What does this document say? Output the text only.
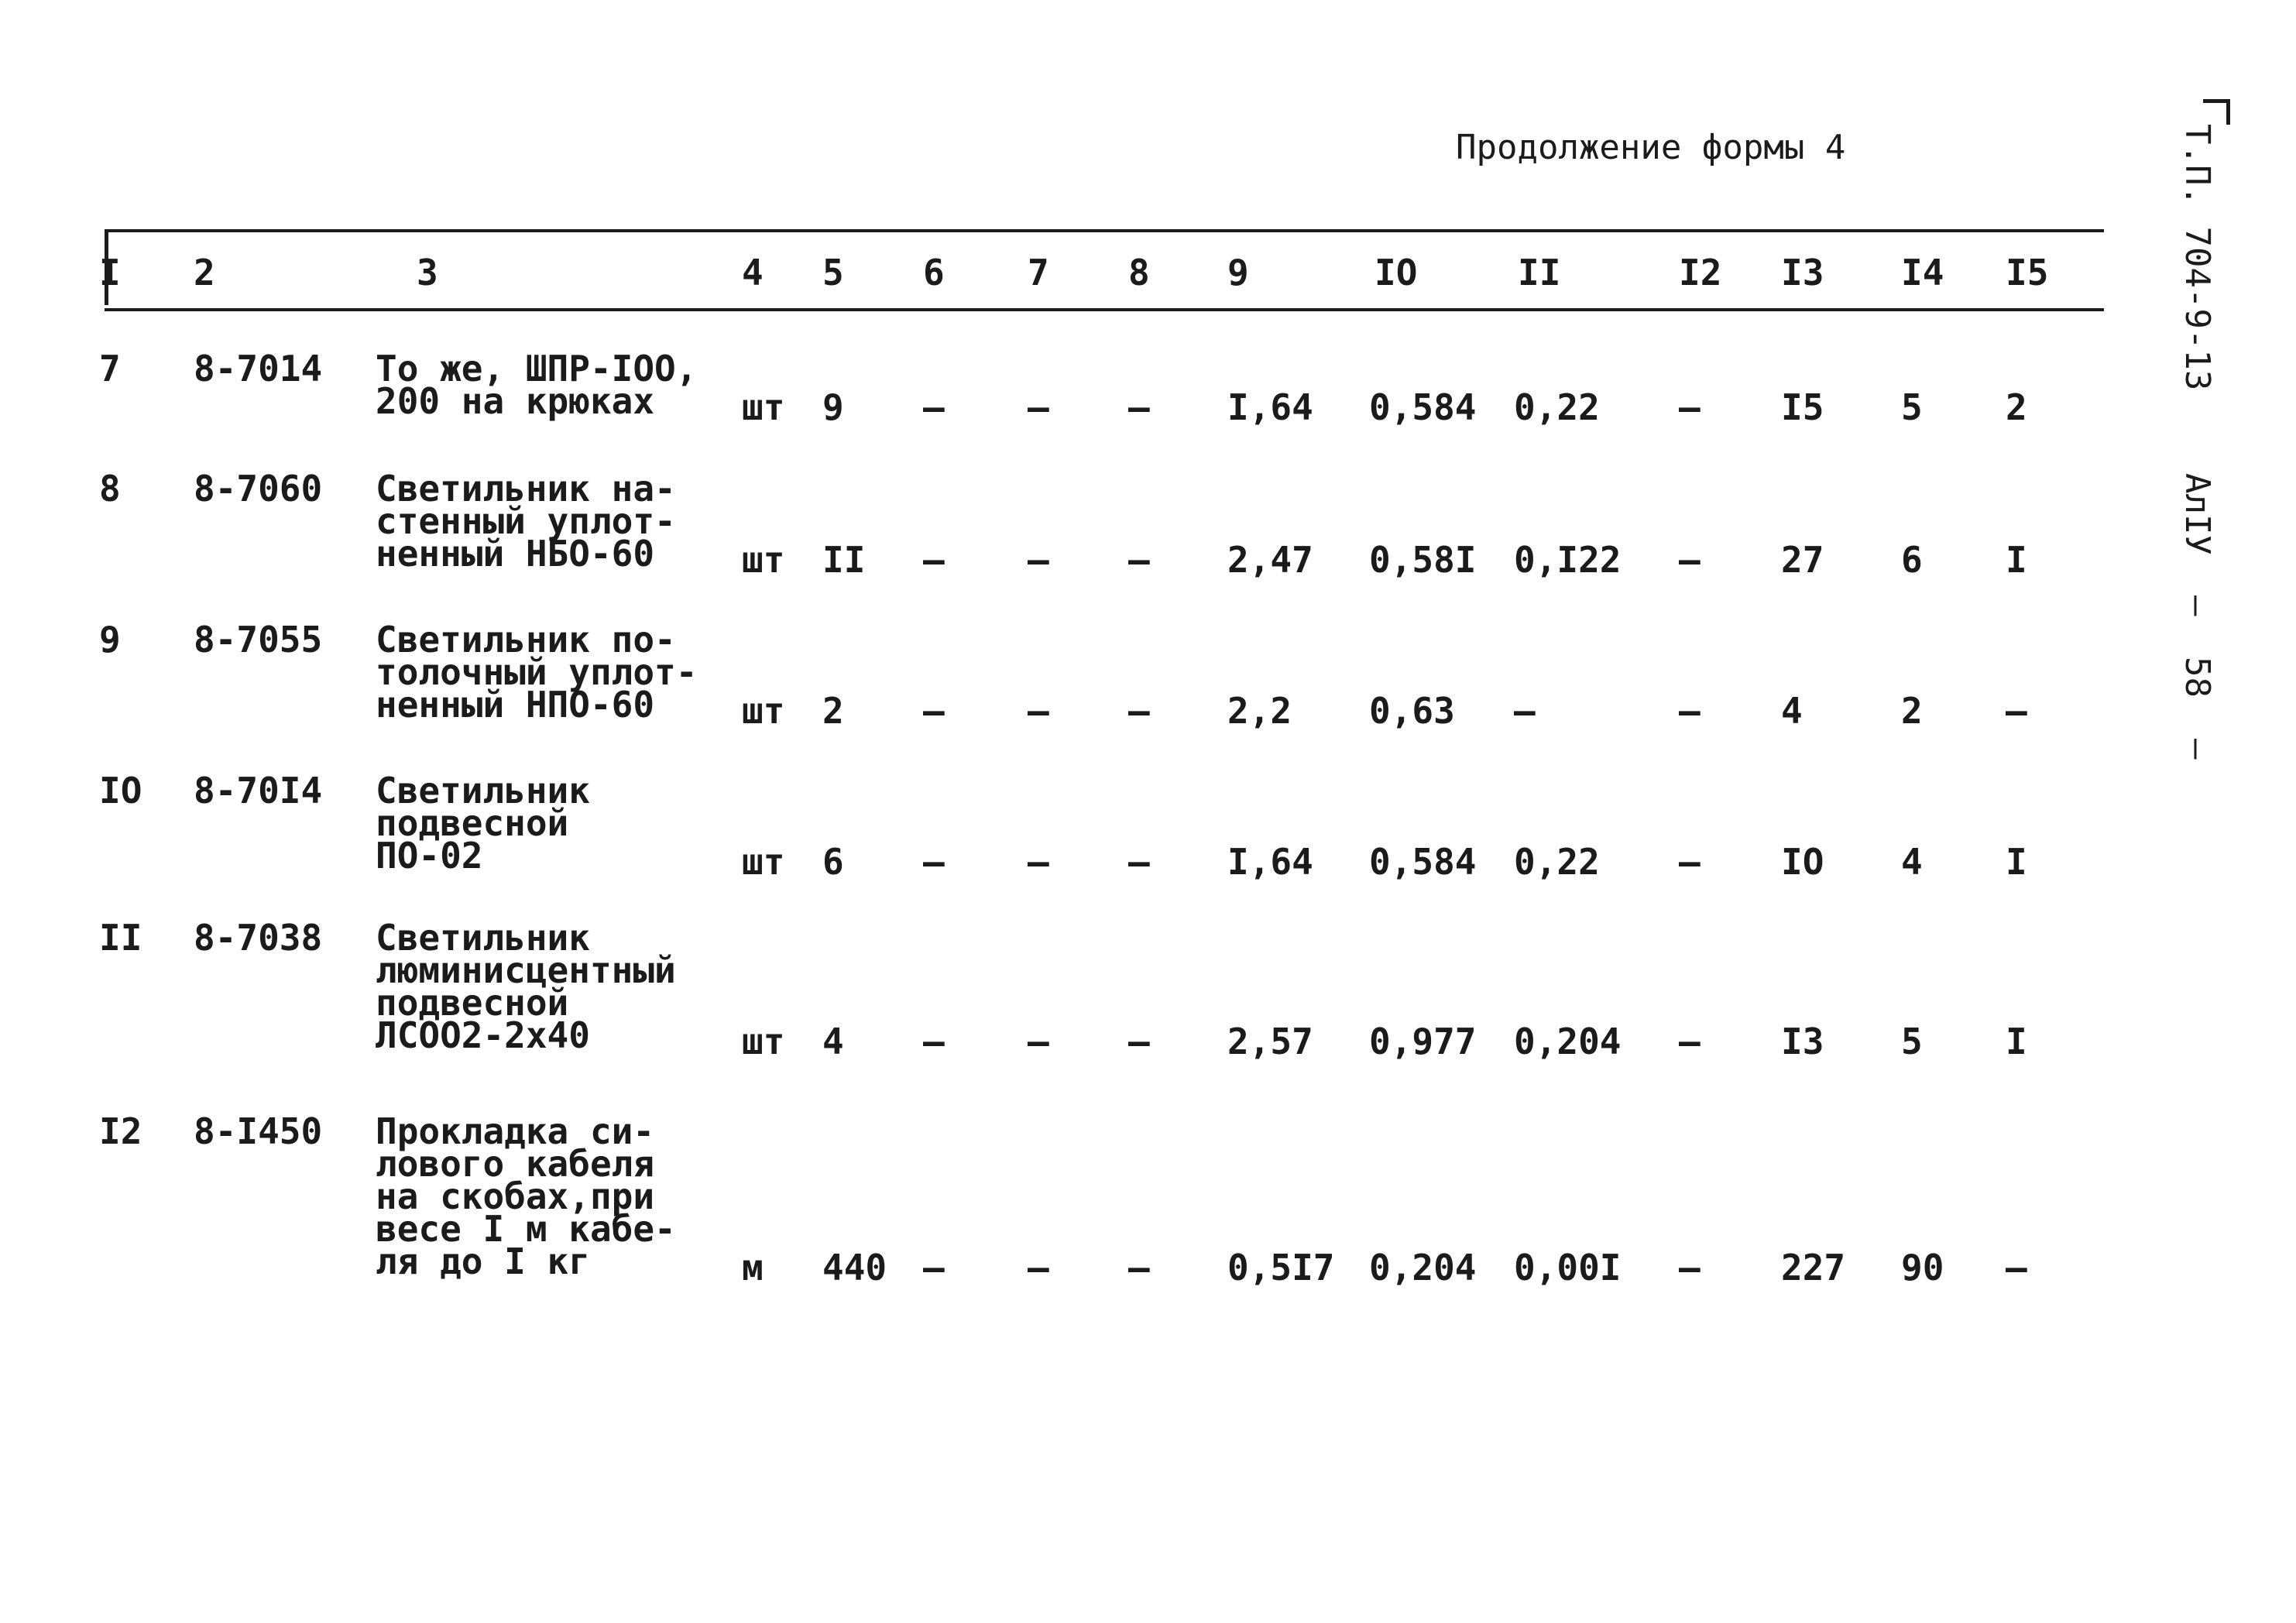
Продолжение формы 4	Т.П. 704-9-13 АлIУ — 58 —
I 2	3	4 5 6 7 8 9	IO	II	I2 I3 I4 I5
7 8-7014 То же, ШПР-IOO,
200 на крюках	шт 9 – – – I,64 0,584 0,22 – I5 5 2
8 8-7060 Светильник на-
стенный уплот-
ненный НБО-60	шт II – – – 2,47 0,58I 0,I22 – 27 6 I
9 8-7055 Светильник по-
толочный уплот-
ненный НПО-60	шт 2 – – – 2,2 0,63 –	– 4	2 –
IO 8-70I4 Светильник
подвесной
ПО-02	шт 6 – – – I,64 0,584 0,22 – IO 4 I
II 8-7038 Светильник
люминисцентный
подвесной
ЛСОО2-2х40	шт 4 – – – 2,57 0,977 0,204 – I3 5 I
I2 8-I450 Прокладка си-
лового кабеля
на скобах,при
весе I м кабе-
ля до I кг	м 440 – – – 0,5I7 0,204 0,00I – 227 90 –
